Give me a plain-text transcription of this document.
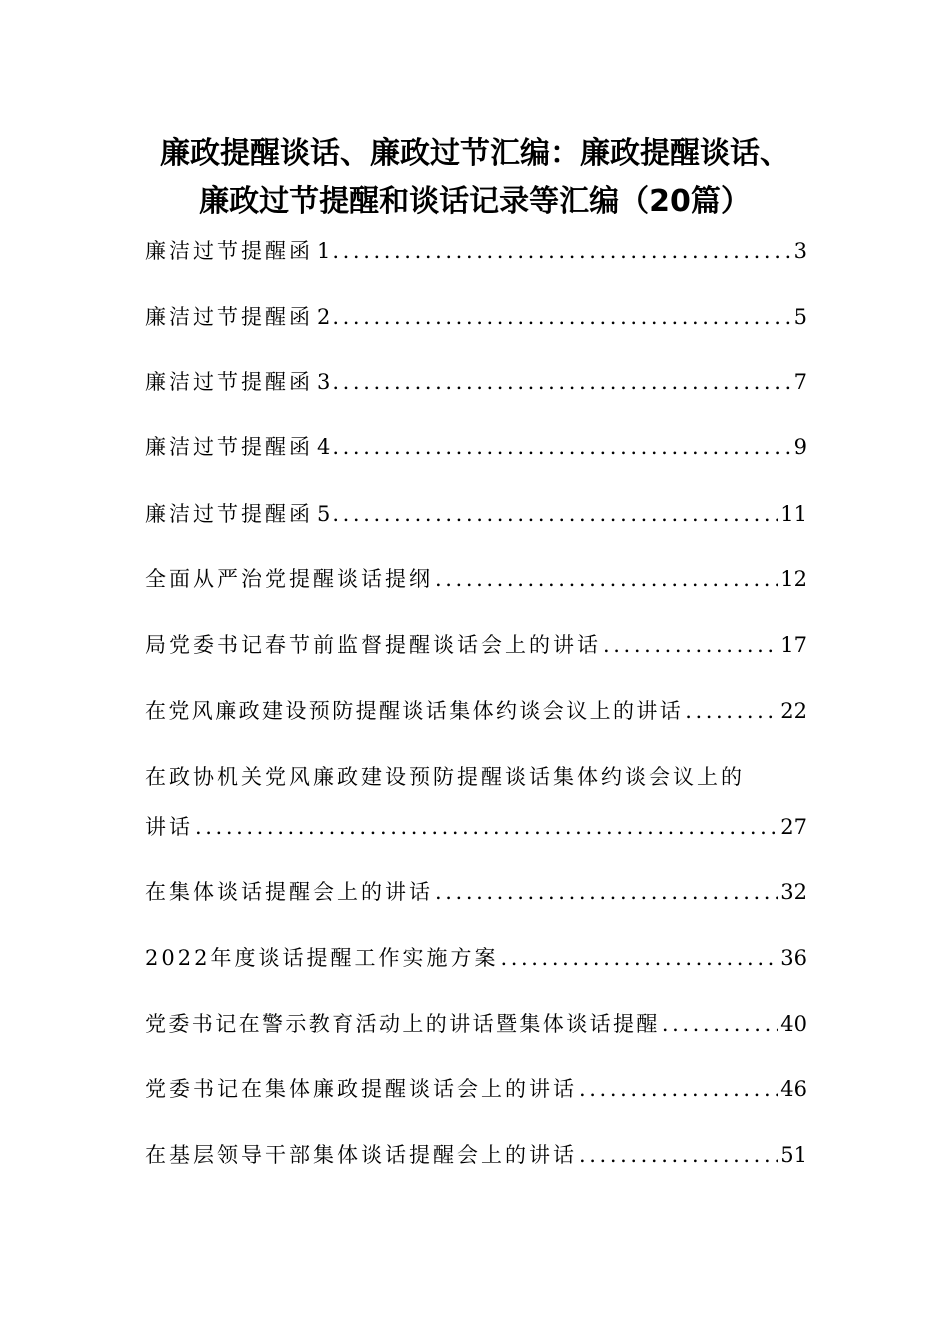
廉政提醒谈话、廉政过节汇编：廉政提醒谈话、
廉政过节提醒和谈话记录等汇编（20篇）
廉洁过节提醒函 1 .....	3
廉洁过节提醒函 2 .....	5
廉洁过节提醒函 3 .....	7
廉洁过节提醒函 4 .....	9
廉洁过节提醒函 5 .....	11
全面从严治党提醒谈话提纲 .....	12
局党委书记春节前监督提醒谈话会上的讲话 .....	17
在党风廉政建设预防提醒谈话集体约谈会议上的讲话 .....	22
在政协机关党风廉政建设预防提醒谈话集体约谈会议上的
讲话 .....	27
在集体谈话提醒会上的讲话 .....	32
2022年度谈话提醒工作实施方案 .....	36
党委书记在警示教育活动上的讲话暨集体谈话提醒 .....	40
党委书记在集体廉政提醒谈话会上的讲话 .....	46
在基层领导干部集体谈话提醒会上的讲话 .....	51
